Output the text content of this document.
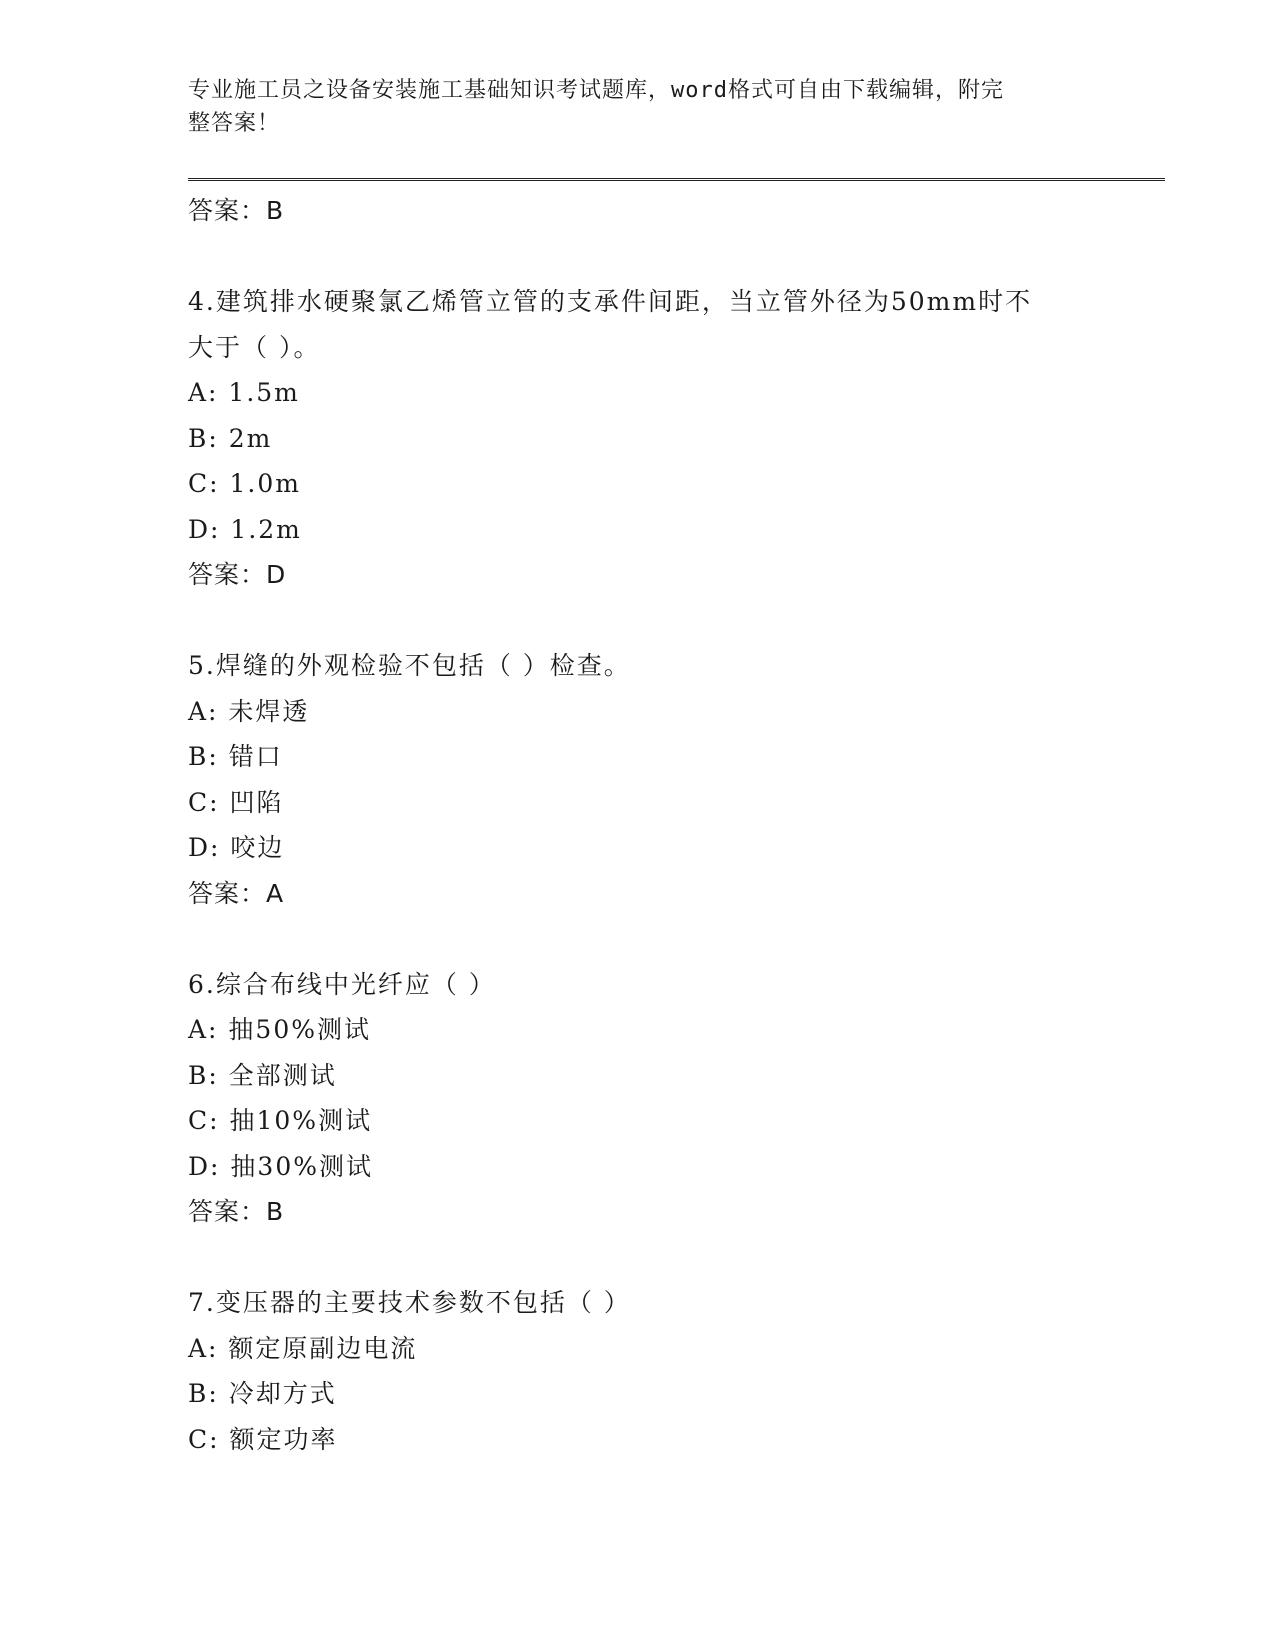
专业施工员之设备安装施工基础知识考试题库，word格式可自由下载编辑，附完
整答案！
答案：B
4.建筑排水硬聚氯乙烯管立管的支承件间距，当立管外径为50mm时不
大于（ ）。
A: 1.5m
B: 2m
C: 1.0m
D: 1.2m
答案：D
5.焊缝的外观检验不包括（ ）检查。
A: 未焊透
B: 错口
C: 凹陷
D: 咬边
答案：A
6.综合布线中光纤应（ ）
A: 抽50%测试
B: 全部测试
C: 抽10%测试
D: 抽30%测试
答案：B
7.变压器的主要技术参数不包括（ ）
A: 额定原副边电流
B: 冷却方式
C: 额定功率
